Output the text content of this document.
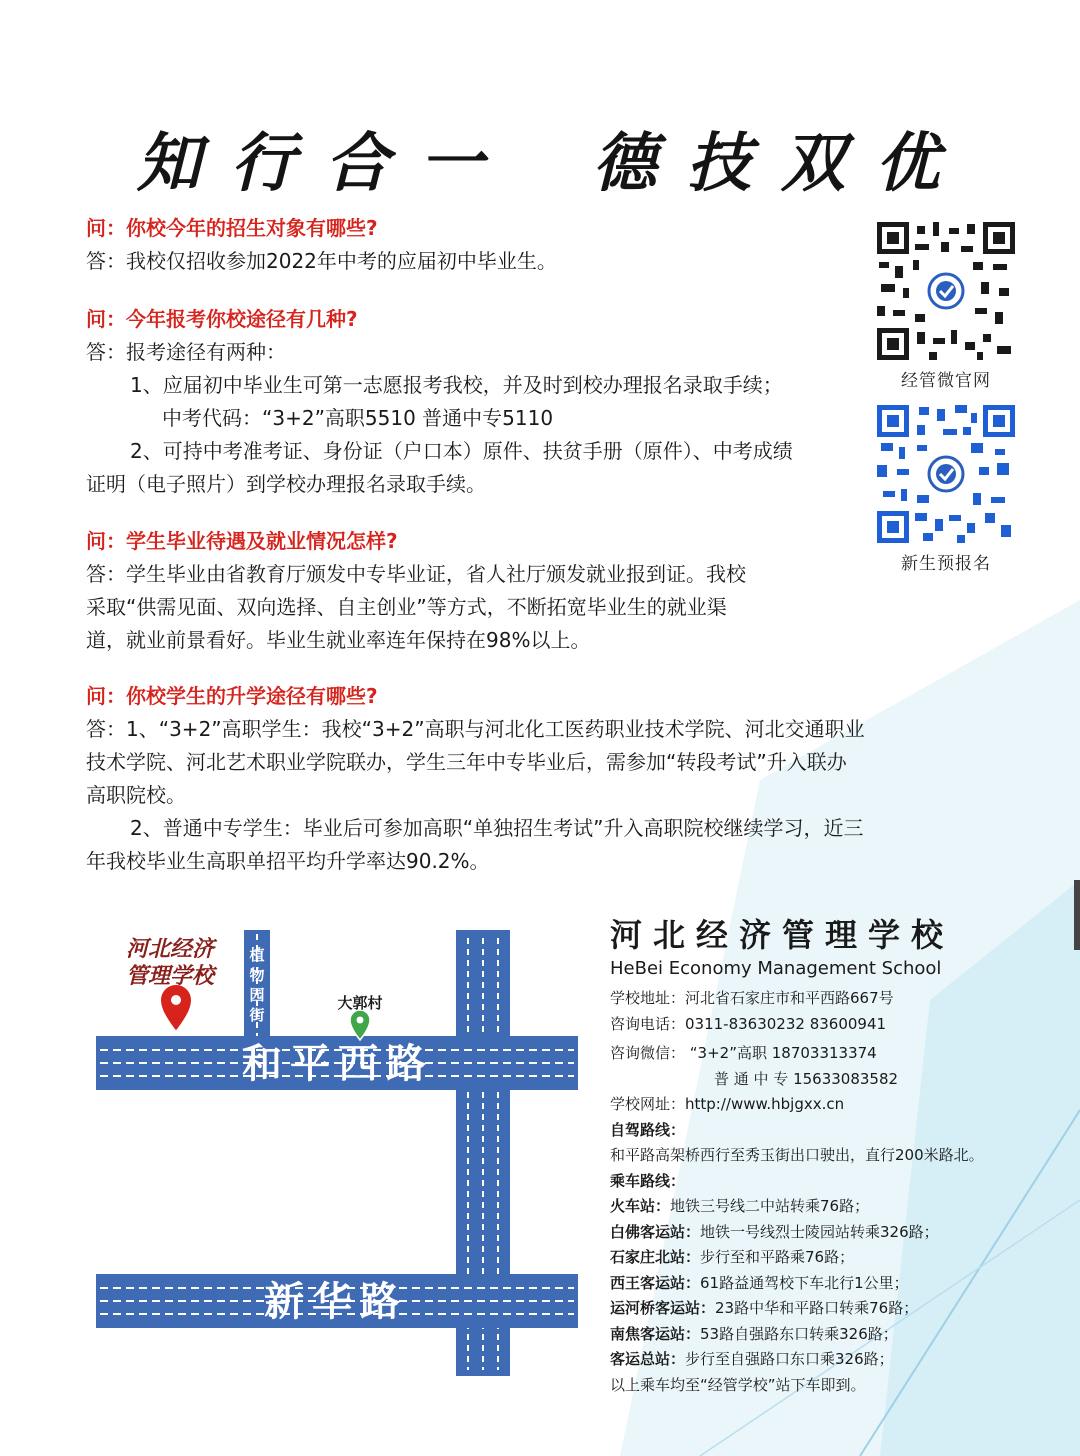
知 行 合 一    德 技 双 优
问：你校今年的招生对象有哪些?
答：我校仅招收参加2022年中考的应届初中毕业生。
问：今年报考你校途径有几种?
答：报考途径有两种：
1、应届初中毕业生可第一志愿报考我校，并及时到校办理报名录取手续；
中考代码：“3+2”高职5510 普通中专5110
2、可持中考准考证、身份证（户口本）原件、扶贫手册（原件）、中考成绩
证明（电子照片）到学校办理报名录取手续。
问：学生毕业待遇及就业情况怎样?
答：学生毕业由省教育厅颁发中专毕业证，省人社厅颁发就业报到证。我校
采取“供需见面、双向选择、自主创业”等方式，不断拓宽毕业生的就业渠
道，就业前景看好。毕业生就业率连年保持在98%以上。
问：你校学生的升学途径有哪些?
答：1、“3+2”高职学生：我校“3+2”高职与河北化工医药职业技术学院、河北交通职业
技术学院、河北艺术职业学院联办，学生三年中专毕业后，需参加“转段考试”升入联办
高职院校。
2、普通中专学生：毕业后可参加高职“单独招生考试”升入高职院校继续学习，近三
年我校毕业生高职单招平均升学率达90.2%。
经管微官网
新生预报名
河北经济
管理学校
植
物
园
街
大郭村
和平西路
新华路
河北经济管理学校
HeBei Economy Management School
学校地址：河北省石家庄市和平西路667号
咨询电话：0311-83630232 83600941
咨询微信： “3+2”高职 18703313374
普 通 中 专 15633083582
学校网址：http://www.hbjgxx.cn
自驾路线：
和平路高架桥西行至秀玉街出口驶出，直行200米路北。
乘车路线：
火车站：地铁三号线二中站转乘76路；
白佛客运站：地铁一号线烈士陵园站转乘326路；
石家庄北站：步行至和平路乘76路；
西王客运站：61路益通驾校下车北行1公里；
运河桥客运站：23路中华和平路口转乘76路；
南焦客运站：53路自强路东口转乘326路；
客运总站：步行至自强路口东口乘326路；
以上乘车均至“经管学校”站下车即到。
